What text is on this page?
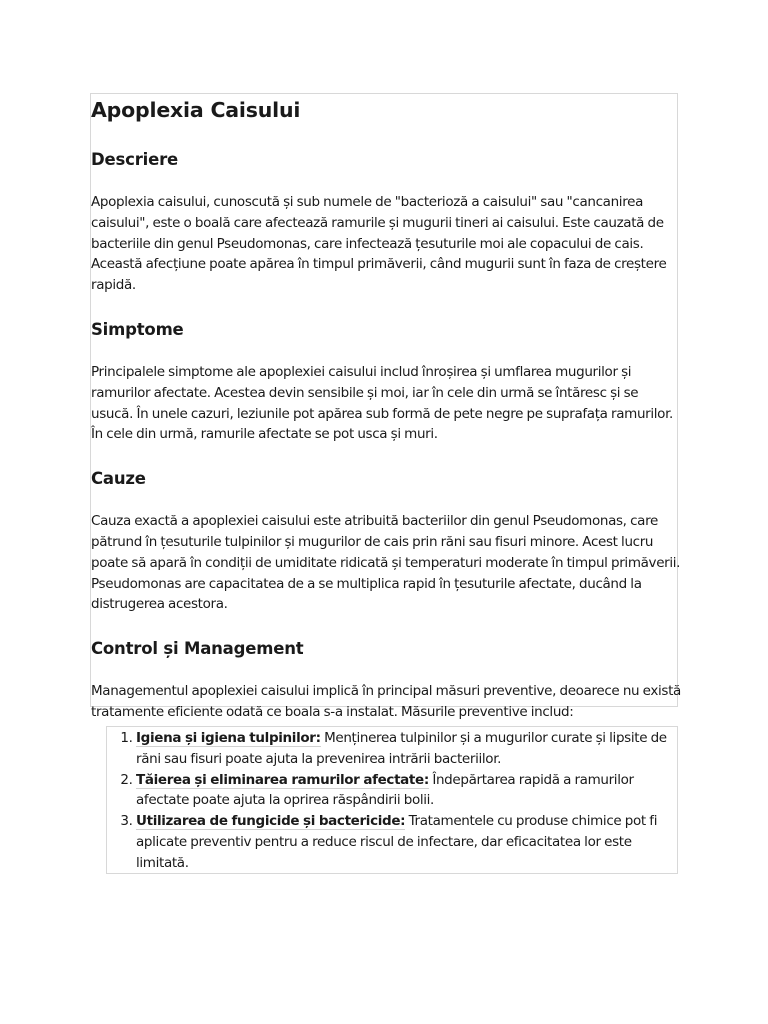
Apoplexia Caisului
Descriere

Apoplexia caisului, cunoscută și sub numele de "bacterioză a caisului" sau "cancanirea caisului", este o boală care afectează ramurile și mugurii tineri ai caisului. Este cauzată de bacteriile din genul Pseudomonas, care infectează țesuturile moi ale copacului de cais. Această afecțiune poate apărea în timpul primăverii, când mugurii sunt în faza de creștere rapidă.

Simptome

Principalele simptome ale apoplexiei caisului includ înroșirea și umflarea mugurilor și ramurilor afectate. Acestea devin sensibile și moi, iar în cele din urmă se întăresc și se usucă. În unele cazuri, leziunile pot apărea sub formă de pete negre pe suprafața ramurilor. În cele din urmă, ramurile afectate se pot usca și muri.

Cauze

Cauza exactă a apoplexiei caisului este atribuită bacteriilor din genul Pseudomonas, care pătrund în țesuturile tulpinilor și mugurilor de cais prin răni sau fisuri minore. Acest lucru poate să apară în condiții de umiditate ridicată și temperaturi moderate în timpul primăverii. Pseudomonas are capacitatea de a se multiplica rapid în țesuturile afectate, ducând la distrugerea acestora.

Control și Management

Managementul apoplexiei caisului implică în principal măsuri preventive, deoarece nu există tratamente eficiente odată ce boala s-a instalat. Măsurile preventive includ:

1. Igiena și igiena tulpinilor: Menținerea tulpinilor și a mugurilor curate și lipsite de răni sau fisuri poate ajuta la prevenirea intrării bacteriilor.
2. Tăierea și eliminarea ramurilor afectate: Îndepărtarea rapidă a ramurilor afectate poate ajuta la oprirea răspândirii bolii.
3. Utilizarea de fungicide și bactericide: Tratamentele cu produse chimice pot fi aplicate preventiv pentru a reduce riscul de infectare, dar eficacitatea lor este limitată.
